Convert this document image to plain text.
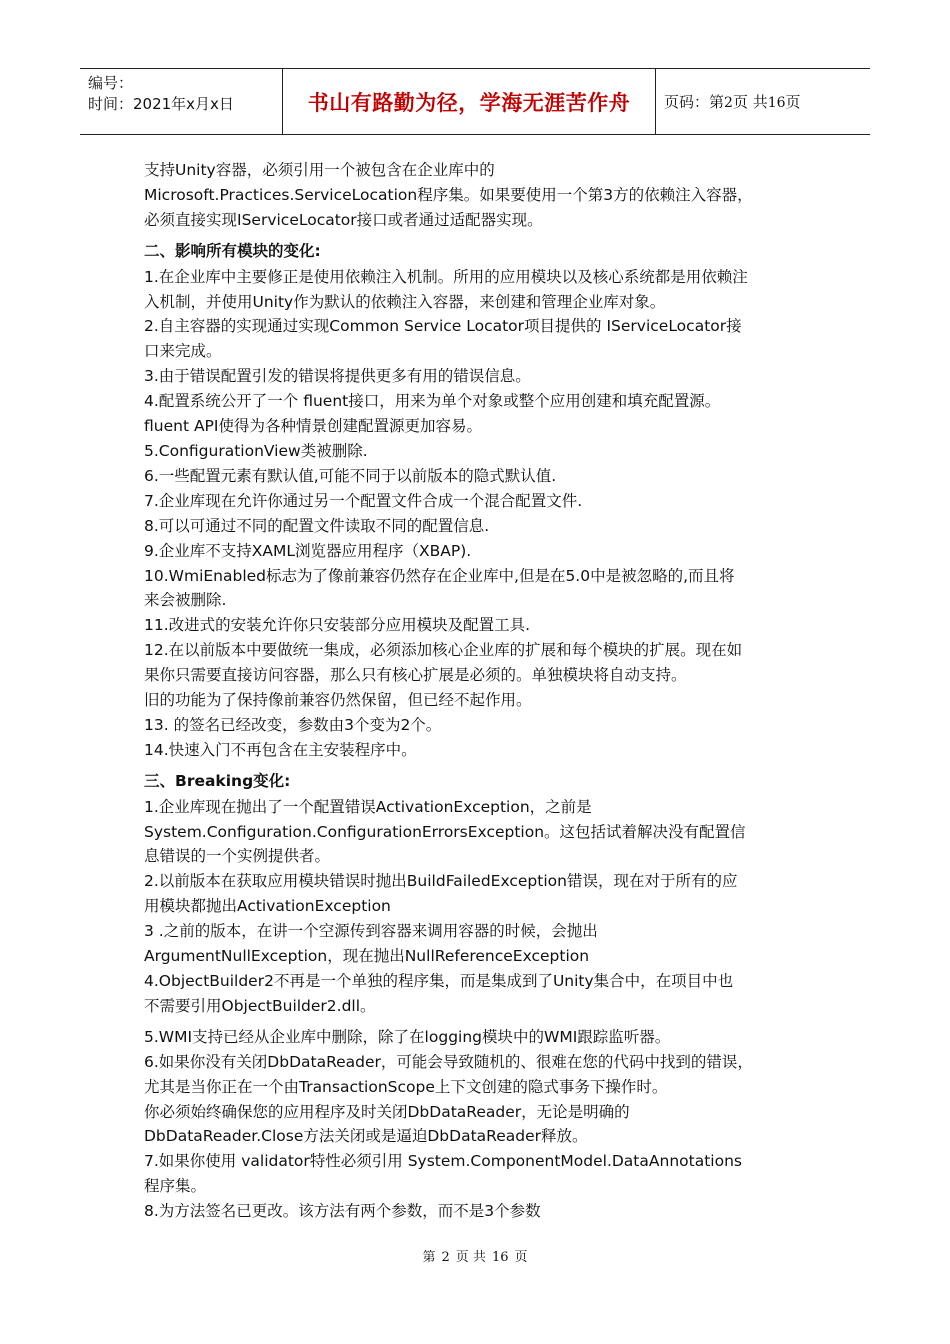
编号：
时间：2021年x月x日	书山有路勤为径，学海无涯苦作舟 页码：第2页 共16页

支持Unity容器，必须引用一个被包含在企业库中的

Microsoft.Practices.ServiceLocation程序集。如果要使用一个第3方的依赖注入容器，

必须直接实现IServiceLocator接口或者通过适配器实现。

二、影响所有模块的变化:

1.在企业库中主要修正是使用依赖注入机制。所用的应用模块以及核心系统都是用依赖注

入机制，并使用Unity作为默认的依赖注入容器，来创建和管理企业库对象。

2.自主容器的实现通过实现Common Service Locator项目提供的 IServiceLocator接

口来完成。

3.由于错误配置引发的错误将提供更多有用的错误信息。

4.配置系统公开了一个 fluent接口，用来为单个对象或整个应用创建和填充配置源。

fluent API使得为各种情景创建配置源更加容易。

5.ConfigurationView类被删除.

6.一些配置元素有默认值,可能不同于以前版本的隐式默认值.

7.企业库现在允许你通过另一个配置文件合成一个混合配置文件.

8.可以可通过不同的配置文件读取不同的配置信息.

9.企业库不支持XAML浏览器应用程序（XBAP).

10.WmiEnabled标志为了像前兼容仍然存在企业库中,但是在5.0中是被忽略的,而且将

来会被删除.

11.改进式的安装允许你只安装部分应用模块及配置工具.

12.在以前版本中要做统一集成，必须添加核心企业库的扩展和每个模块的扩展。现在如

果你只需要直接访问容器，那么只有核心扩展是必须的。单独模块将自动支持。

旧的功能为了保持像前兼容仍然保留，但已经不起作用。

13. 的签名已经改变，参数由3个变为2个。

14.快速入门不再包含在主安装程序中。

三、Breaking变化:

1.企业库现在抛出了一个配置错误ActivationException，之前是

System.Configuration.ConfigurationErrorsException。这包括试着解决没有配置信

息错误的一个实例提供者。

2.以前版本在获取应用模块错误时抛出BuildFailedException错误，现在对于所有的应

用模块都抛出ActivationException

3 .之前的版本，在讲一个空源传到容器来调用容器的时候，会抛出

ArgumentNullException，现在抛出NullReferenceException

4.ObjectBuilder2不再是一个单独的程序集，而是集成到了Unity集合中，在项目中也

不需要引用ObjectBuilder2.dll。

5.WMI支持已经从企业库中删除，除了在logging模块中的WMI跟踪监听器。

6.如果你没有关闭DbDataReader，可能会导致随机的、很难在您的代码中找到的错误，

尤其是当你正在一个由TransactionScope上下文创建的隐式事务下操作时。

你必须始终确保您的应用程序及时关闭DbDataReader，无论是明确的

DbDataReader.Close方法关闭或是逼迫DbDataReader释放。

7.如果你使用 validator特性必须引用 System.ComponentModel.DataAnnotations

程序集。

8.为方法签名已更改。该方法有两个参数，而不是3个参数

第 2 页 共 16 页
